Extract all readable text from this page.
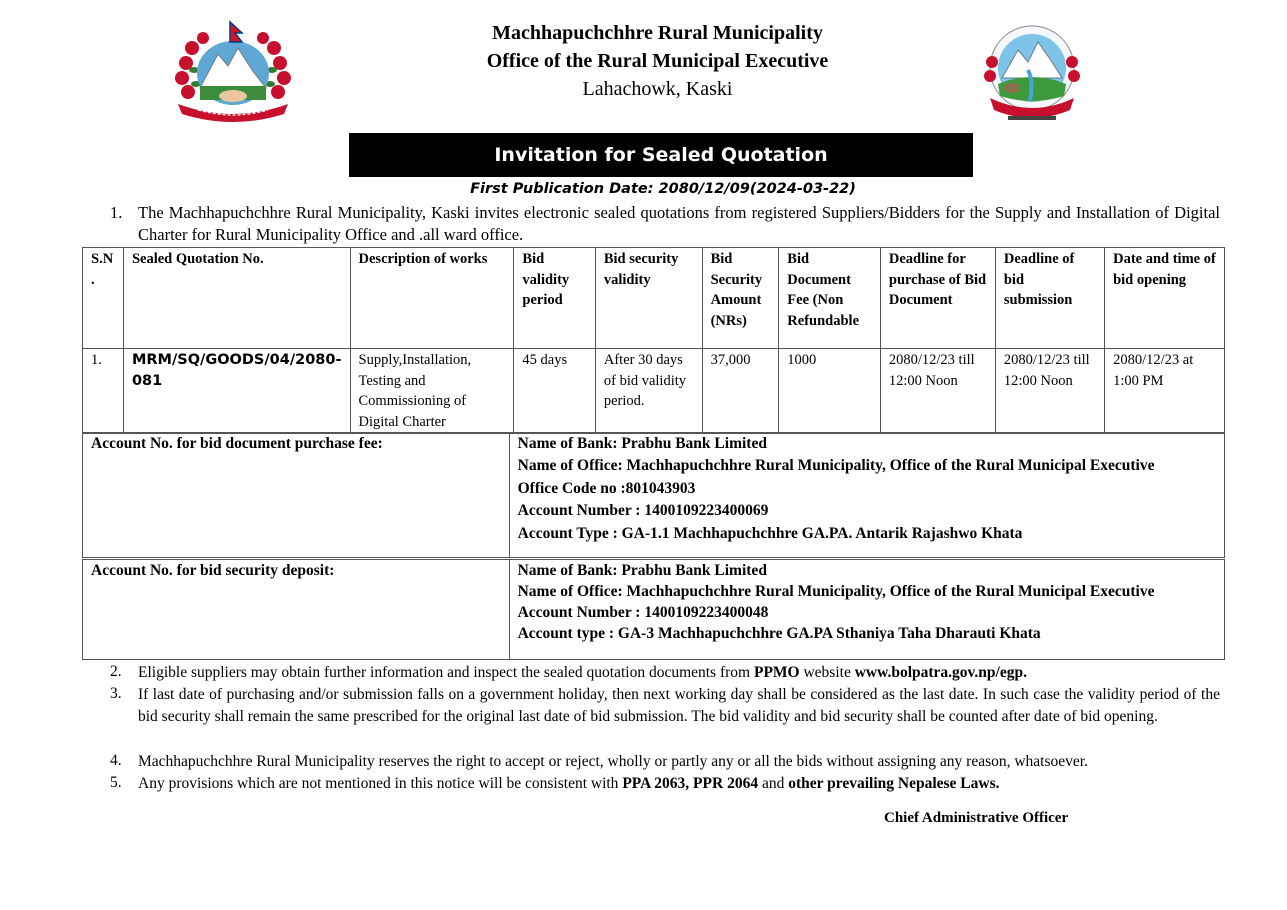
Machhapuchchhre Rural Municipality
Office of the Rural Municipal Executive
Lahachowk, Kaski
Invitation for Sealed Quotation
First Publication Date: 2080/12/09(2024-03-22)
1. The Machhapuchchhre Rural Municipality, Kaski invites electronic sealed quotations from registered Suppliers/Bidders for the Supply and Installation of Digital Charter for Rural Municipality Office and .all ward office.
S.N .	Sealed Quotation No.	Description of works	Bid validity period	Bid security validity	Bid Security Amount (NRs)	Bid Document Fee (Non Refundable	Deadline for purchase of Bid Document	Deadline of bid submission	Date and time of bid opening
1.	MRM/SQ/GOODS/04/2080-081	Supply,Installation, Testing and Commissioning of Digital Charter	45 days	After 30 days of bid validity period.	37,000	1000	2080/12/23 till 12:00 Noon	2080/12/23 till 12:00 Noon	2080/12/23 at 1:00 PM
Account No. for bid document purchase fee:	Name of Bank: Prabhu Bank Limited
Name of Office: Machhapuchchhre Rural Municipality, Office of the Rural Municipal Executive
Office Code no :801043903
Account Number : 1400109223400069
Account Type : GA-1.1 Machhapuchchhre GA.PA. Antarik Rajashwo Khata
Account No. for bid security deposit:	Name of Bank: Prabhu Bank Limited
Name of Office: Machhapuchchhre Rural Municipality, Office of the Rural Municipal Executive
Account Number : 1400109223400048
Account type : GA-3 Machhapuchchhre GA.PA Sthaniya Taha Dharauti Khata
2. Eligible suppliers may obtain further information and inspect the sealed quotation documents from PPMO website www.bolpatra.gov.np/egp.
3. If last date of purchasing and/or submission falls on a government holiday, then next working day shall be considered as the last date. In such case the validity period of the bid security shall remain the same prescribed for the original last date of bid submission. The bid validity and bid security shall be counted after date of bid opening.
4. Machhapuchchhre Rural Municipality reserves the right to accept or reject, wholly or partly any or all the bids without assigning any reason, whatsoever.
5. Any provisions which are not mentioned in this notice will be consistent with PPA 2063, PPR 2064 and other prevailing Nepalese Laws.
Chief Administrative Officer
